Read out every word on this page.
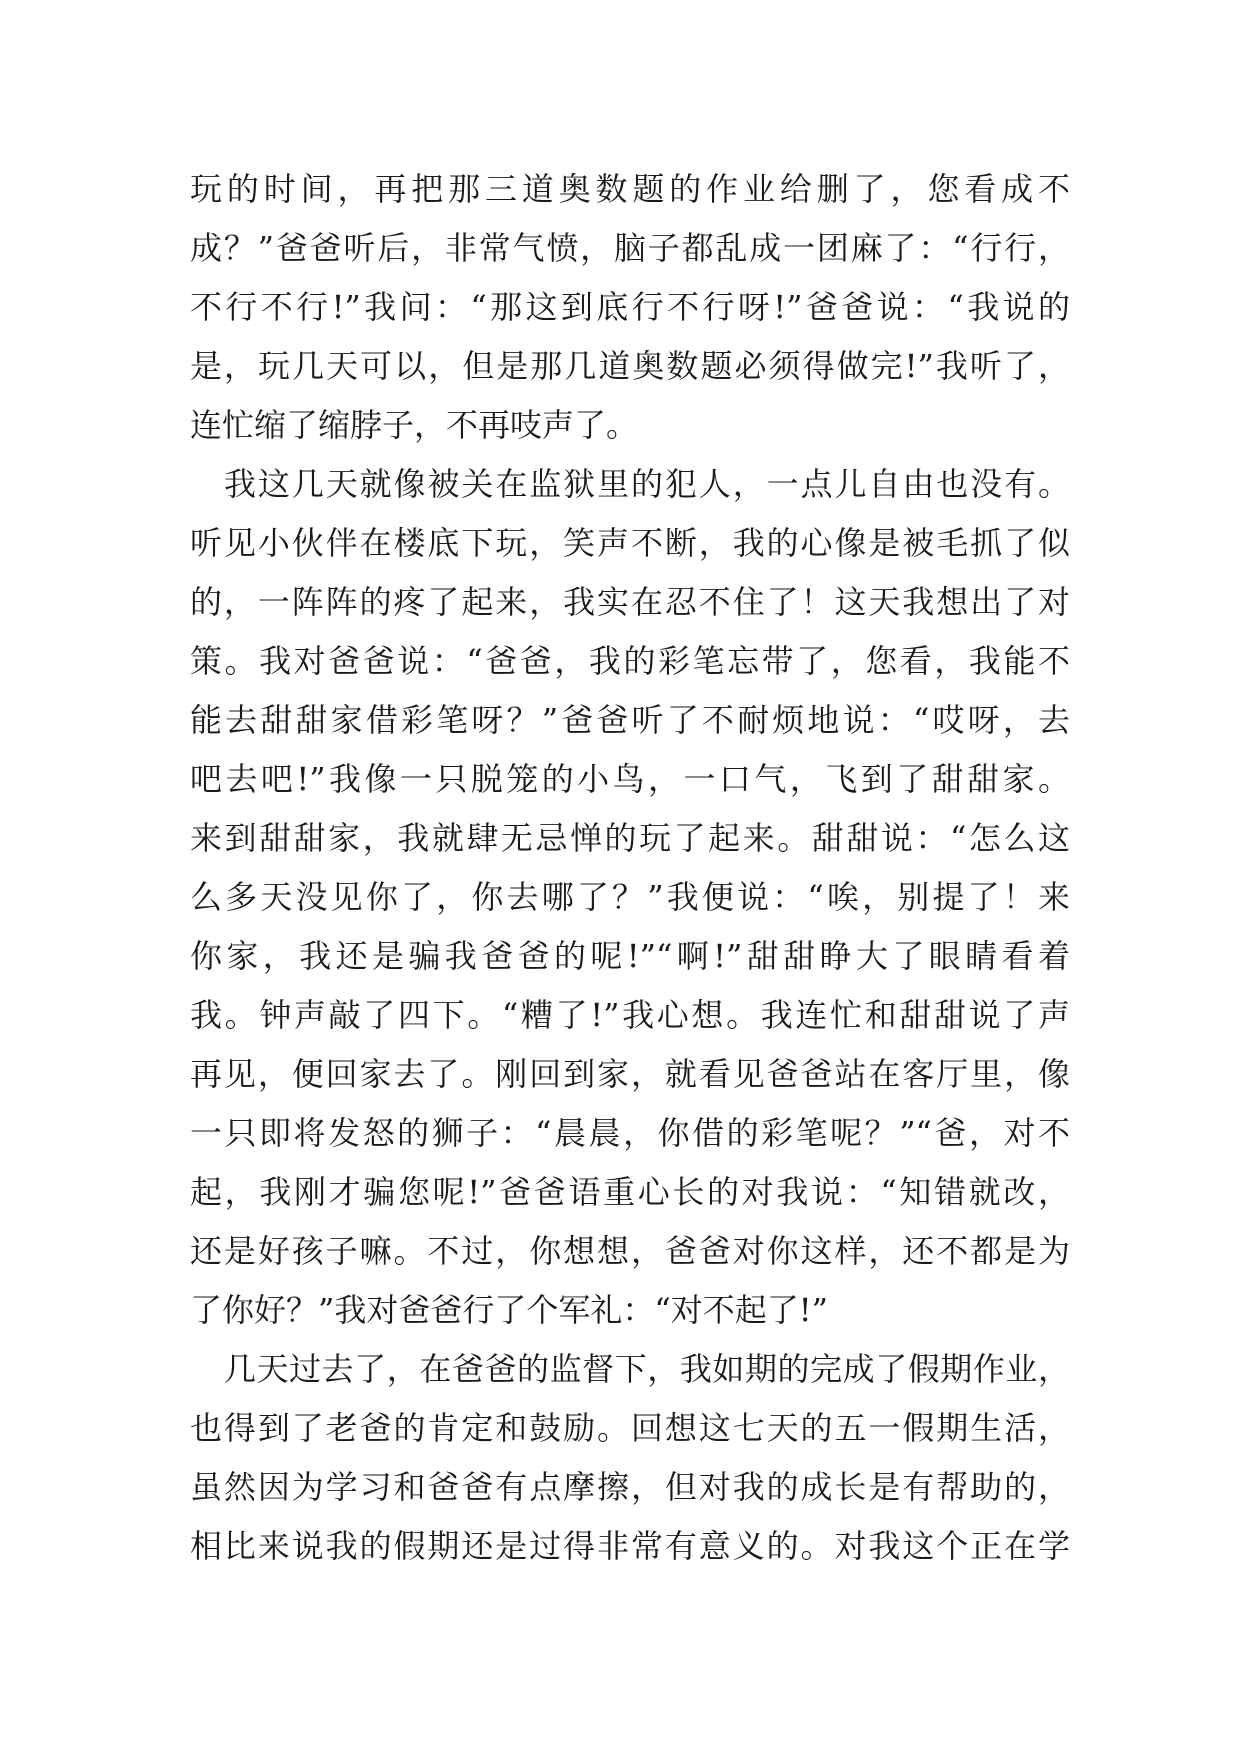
玩的时间，再把那三道奥数题的作业给删了，您看成不
成？”爸爸听后，非常气愤，脑子都乱成一团麻了：“行行，
不行不行!”我问：“那这到底行不行呀!”爸爸说：“我说的
是，玩几天可以，但是那几道奥数题必须得做完!”我听了，
连忙缩了缩脖子，不再吱声了。
我这几天就像被关在监狱里的犯人，一点儿自由也没有。
听见小伙伴在楼底下玩，笑声不断，我的心像是被毛抓了似
的，一阵阵的疼了起来，我实在忍不住了！这天我想出了对
策。我对爸爸说：“爸爸，我的彩笔忘带了，您看，我能不
能去甜甜家借彩笔呀？”爸爸听了不耐烦地说：“哎呀，去
吧去吧!”我像一只脱笼的小鸟，一口气，飞到了甜甜家。
来到甜甜家，我就肆无忌惮的玩了起来。甜甜说：“怎么这
么多天没见你了，你去哪了？”我便说：“唉，别提了！来
你家，我还是骗我爸爸的呢!”“啊!”甜甜睁大了眼睛看着
我。钟声敲了四下。“糟了!”我心想。我连忙和甜甜说了声
再见，便回家去了。刚回到家，就看见爸爸站在客厅里，像
一只即将发怒的狮子：“晨晨，你借的彩笔呢？”“爸，对不
起，我刚才骗您呢!”爸爸语重心长的对我说：“知错就改，
还是好孩子嘛。不过，你想想，爸爸对你这样，还不都是为
了你好？”我对爸爸行了个军礼：“对不起了!”
几天过去了，在爸爸的监督下，我如期的完成了假期作业，
也得到了老爸的肯定和鼓励。回想这七天的五一假期生活，
虽然因为学习和爸爸有点摩擦，但对我的成长是有帮助的，
相比来说我的假期还是过得非常有意义的。对我这个正在学
